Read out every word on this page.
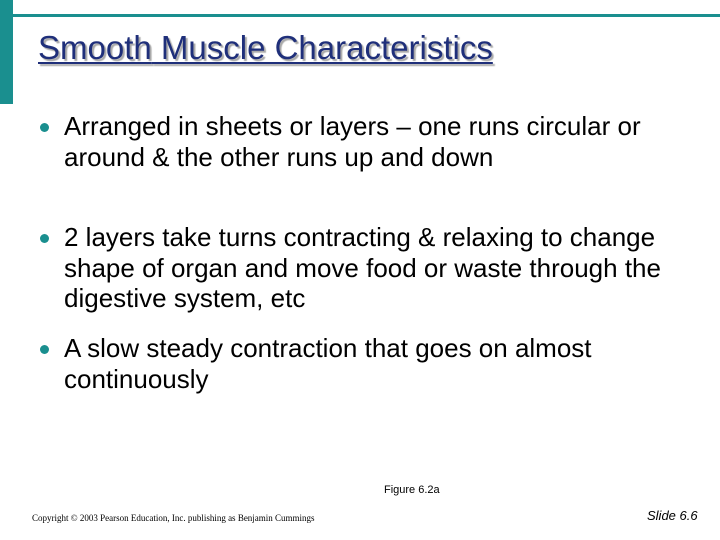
Smooth Muscle Characteristics
Arranged in sheets or layers – one runs circular or around & the other runs up and down
2 layers take turns contracting & relaxing to change shape of organ and move food or waste through the digestive system, etc
A slow steady contraction that goes on almost continuously
Figure 6.2a
Copyright © 2003 Pearson Education, Inc. publishing as Benjamin Cummings	Slide 6.6
